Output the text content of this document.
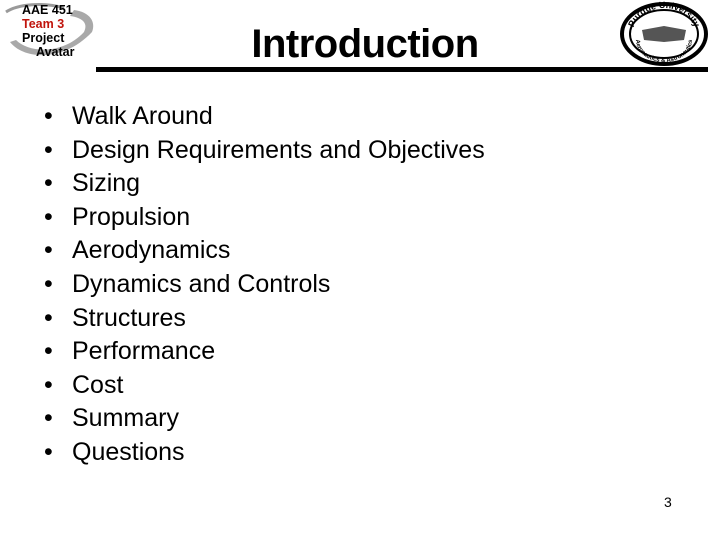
AAE 451
Team 3
Project
Avatar	Introduction	Purdue University
Aeronautics & Astronautics
• Walk Around
• Design Requirements and Objectives
• Sizing
• Propulsion
• Aerodynamics
• Dynamics and Controls
• Structures
• Performance
• Cost
• Summary
• Questions
3
